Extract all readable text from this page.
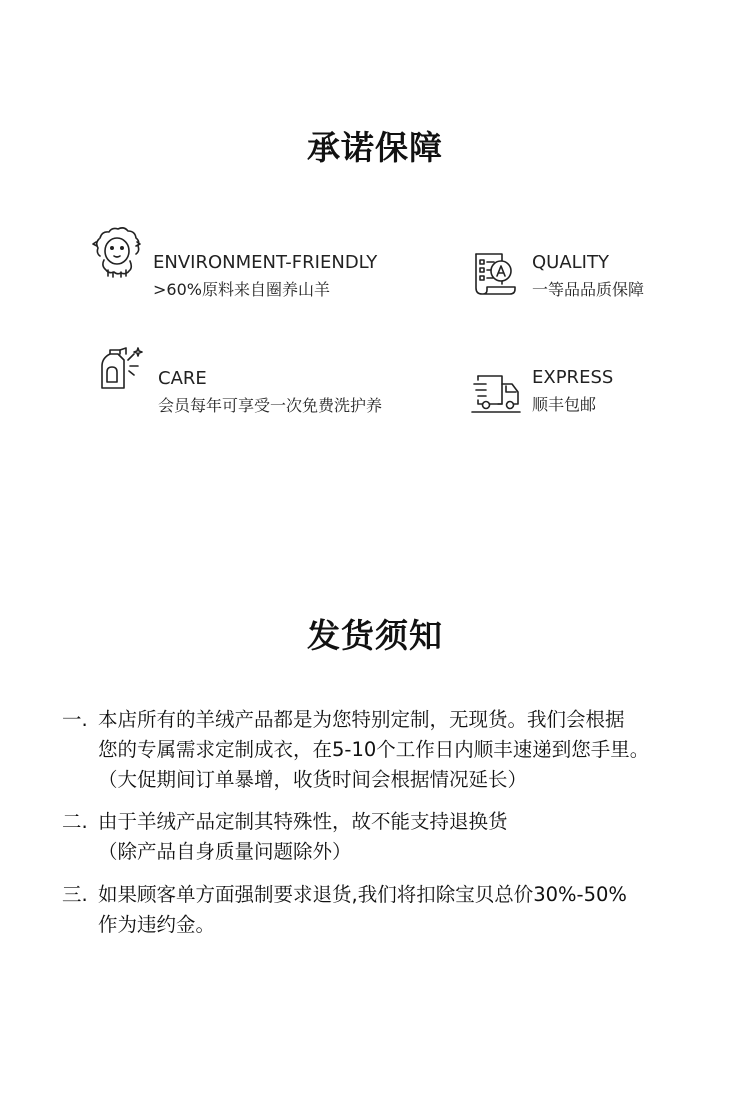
承诺保障
ENVIRONMENT-FRIENDLY
>60%原料来自圈养山羊
QUALITY
一等品品质保障
CARE
会员每年可享受一次免费洗护养
EXPRESS
顺丰包邮
发货须知
一. 本店所有的羊绒产品都是为您特别定制，无现货。我们会根据
您的专属需求定制成衣，在5-10个工作日内顺丰速递到您手里。
（大促期间订单暴增，收货时间会根据情况延长）
二. 由于羊绒产品定制其特殊性，故不能支持退换货
（除产品自身质量问题除外）
三. 如果顾客单方面强制要求退货,我们将扣除宝贝总价30%-50%
作为违约金。
